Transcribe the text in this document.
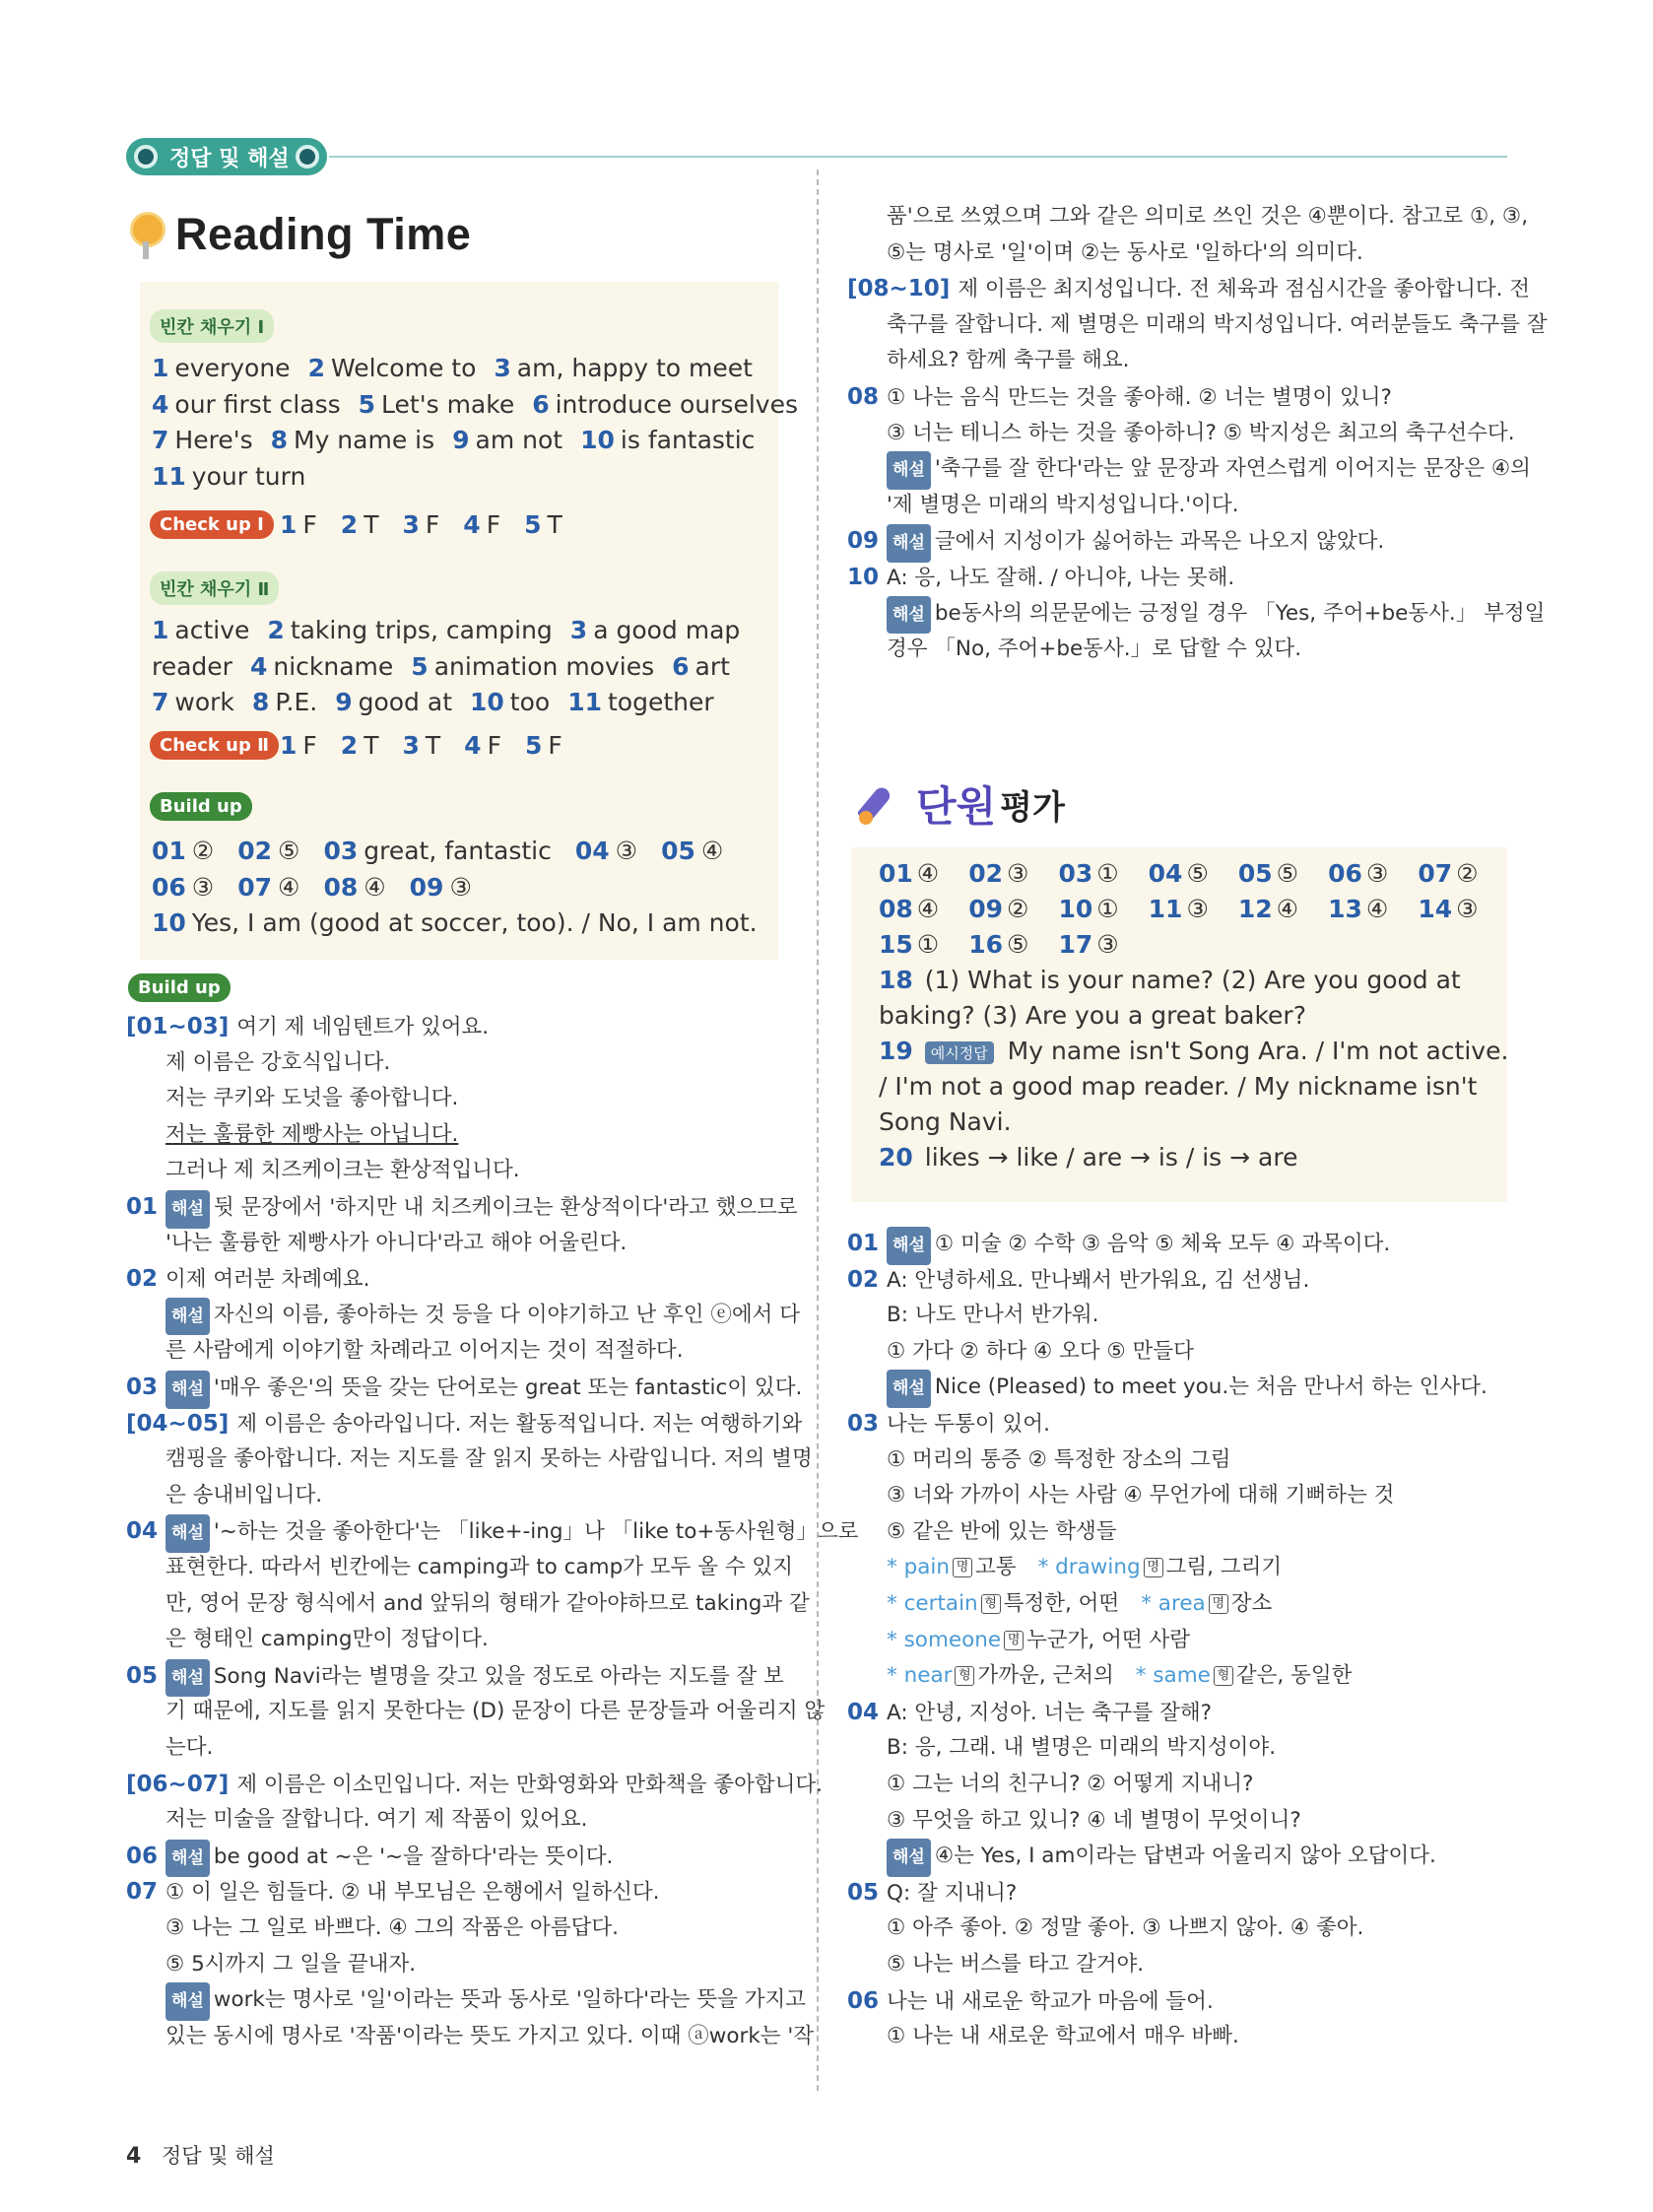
정답 및 해설
Reading Time
빈칸 채우기 Ⅰ
1 everyone 2 Welcome to 3 am, happy to meet
4 our first class 5 Let's make 6 introduce ourselves
7 Here's 8 My name is 9 am not 10 is fantastic
11 your turn
Check up Ⅰ 1 F 2 T 3 F 4 F 5 T
빈칸 채우기 Ⅱ
1 active 2 taking trips, camping 3 a good map
reader 4 nickname 5 animation movies 6 art
7 work 8 P.E. 9 good at 10 too 11 together
Check up Ⅱ 1 F 2 T 3 T 4 F 5 F
Build up
01 ② 02 ⑤ 03 great, fantastic 04 ③ 05 ④
06 ③ 07 ④ 08 ④ 09 ③
10 Yes, I am (good at soccer, too). / No, I am not.
Build up
[01~03] 여기 제 네임텐트가 있어요.
제 이름은 강호식입니다.
저는 쿠키와 도넛을 좋아합니다.
저는 훌륭한 제빵사는 아닙니다.
그러나 제 치즈케이크는 환상적입니다.
01 해설 뒷 문장에서 '하지만 내 치즈케이크는 환상적이다'라고 했으므로
'나는 훌륭한 제빵사가 아니다'라고 해야 어울린다.
02 이제 여러분 차례예요.
해설 자신의 이름, 좋아하는 것 등을 다 이야기하고 난 후인 ⓔ에서 다
른 사람에게 이야기할 차례라고 이어지는 것이 적절하다.
03 해설 '매우 좋은'의 뜻을 갖는 단어로는 great 또는 fantastic이 있다.
[04~05] 제 이름은 송아라입니다. 저는 활동적입니다. 저는 여행하기와
캠핑을 좋아합니다. 저는 지도를 잘 읽지 못하는 사람입니다. 저의 별명
은 송내비입니다.
04 해설 '~하는 것을 좋아한다'는 「like+-ing」나 「like to+동사원형」으로
표현한다. 따라서 빈칸에는 camping과 to camp가 모두 올 수 있지
만, 영어 문장 형식에서 and 앞뒤의 형태가 같아야하므로 taking과 같
은 형태인 camping만이 정답이다.
05 해설 Song Navi라는 별명을 갖고 있을 정도로 아라는 지도를 잘 보
기 때문에, 지도를 읽지 못한다는 (D) 문장이 다른 문장들과 어울리지 않
는다.
[06~07] 제 이름은 이소민입니다. 저는 만화영화와 만화책을 좋아합니다.
저는 미술을 잘합니다. 여기 제 작품이 있어요.
06 해설 be good at ~은 '~을 잘하다'라는 뜻이다.
07 ① 이 일은 힘들다. ② 내 부모님은 은행에서 일하신다.
③ 나는 그 일로 바쁘다. ④ 그의 작품은 아름답다.
⑤ 5시까지 그 일을 끝내자.
해설 work는 명사로 '일'이라는 뜻과 동사로 '일하다'라는 뜻을 가지고
있는 동시에 명사로 '작품'이라는 뜻도 가지고 있다. 이때 ⓐwork는 '작
품'으로 쓰였으며 그와 같은 의미로 쓰인 것은 ④뿐이다. 참고로 ①, ③,
⑤는 명사로 '일'이며 ②는 동사로 '일하다'의 의미다.
[08~10] 제 이름은 최지성입니다. 전 체육과 점심시간을 좋아합니다. 전
축구를 잘합니다. 제 별명은 미래의 박지성입니다. 여러분들도 축구를 잘
하세요? 함께 축구를 해요.
08 ① 나는 음식 만드는 것을 좋아해. ② 너는 별명이 있니?
③ 너는 테니스 하는 것을 좋아하니? ⑤ 박지성은 최고의 축구선수다.
해설 '축구를 잘 한다'라는 앞 문장과 자연스럽게 이어지는 문장은 ④의
'제 별명은 미래의 박지성입니다.'이다.
09 해설 글에서 지성이가 싫어하는 과목은 나오지 않았다.
10 A: 응, 나도 잘해. / 아니야, 나는 못해.
해설 be동사의 의문문에는 긍정일 경우 「Yes, 주어+be동사.」 부정일
경우 「No, 주어+be동사.」로 답할 수 있다.
단원 평가
01 ④ 02 ③ 03 ① 04 ⑤ 05 ⑤ 06 ③ 07 ②
08 ④ 09 ② 10 ① 11 ③ 12 ④ 13 ④ 14 ③
15 ① 16 ⑤ 17 ③
18 (1) What is your name? (2) Are you good at
baking? (3) Are you a great baker?
19 예시정답 My name isn't Song Ara. / I'm not active.
/ I'm not a good map reader. / My nickname isn't
Song Navi.
20 likes → like / are → is / is → are
01 해설 ① 미술 ② 수학 ③ 음악 ⑤ 체육 모두 ④ 과목이다.
02 A: 안녕하세요. 만나봬서 반가워요, 김 선생님.
B: 나도 만나서 반가워.
① 가다 ② 하다 ④ 오다 ⑤ 만들다
해설 Nice (Pleased) to meet you.는 처음 만나서 하는 인사다.
03 나는 두통이 있어.
① 머리의 통증 ② 특정한 장소의 그림
③ 너와 가까이 사는 사람 ④ 무언가에 대해 기뻐하는 것
⑤ 같은 반에 있는 학생들
* pain 명 고통 * drawing 명 그림, 그리기
* certain 형 특정한, 어떤 * area 명 장소
* someone 명 누군가, 어떤 사람
* near 형 가까운, 근처의 * same 형 같은, 동일한
04 A: 안녕, 지성아. 너는 축구를 잘해?
B: 응, 그래. 내 별명은 미래의 박지성이야.
① 그는 너의 친구니? ② 어떻게 지내니?
③ 무엇을 하고 있니? ④ 네 별명이 무엇이니?
해설 ④는 Yes, I am이라는 답변과 어울리지 않아 오답이다.
05 Q: 잘 지내니?
① 아주 좋아. ② 정말 좋아. ③ 나쁘지 않아. ④ 좋아.
⑤ 나는 버스를 타고 갈거야.
06 나는 내 새로운 학교가 마음에 들어.
① 나는 내 새로운 학교에서 매우 바빠.
4 정답 및 해설
